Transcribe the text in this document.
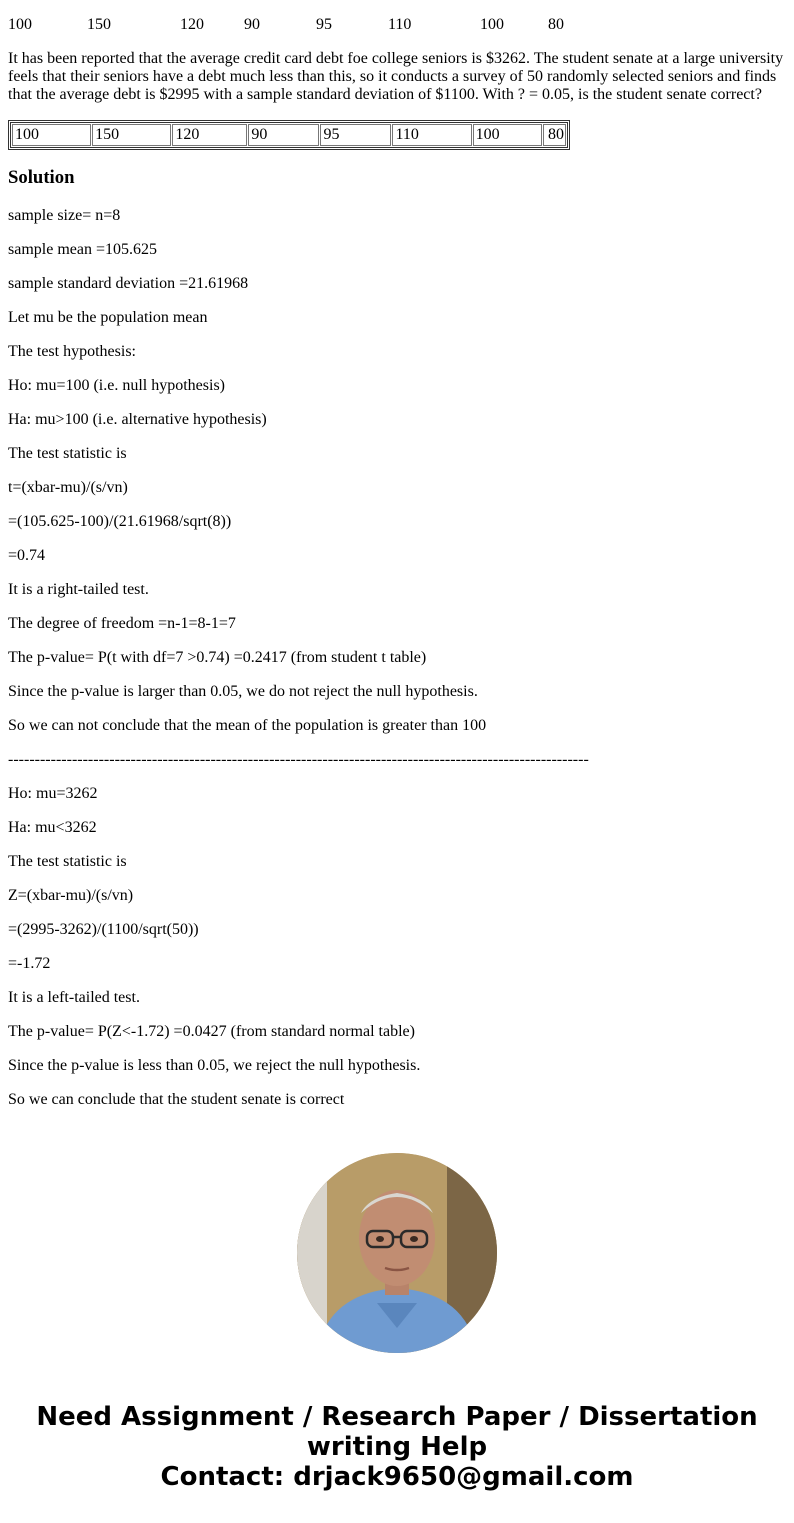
100	150	120	90	95	110	100	80

It has been reported that the average credit card debt foe college seniors is $3262. The student senate at a large university feels that their seniors have a debt much less than this, so it conducts a survey of 50 randomly selected seniors and finds that the average debt is $2995 with a sample standard deviation of $1100. With ? = 0.05, is the student senate correct?

100	150	120	90	95	110	100	80
Solution

sample size= n=8

sample mean =105.625

sample standard deviation =21.61968

Let mu be the population mean

The test hypothesis:

Ho: mu=100 (i.e. null hypothesis)

Ha: mu>100 (i.e. alternative hypothesis)

The test statistic is

t=(xbar-mu)/(s/vn)

=(105.625-100)/(21.61968/sqrt(8))

=0.74

It is a right-tailed test.

The degree of freedom =n-1=8-1=7

The p-value= P(t with df=7 >0.74) =0.2417 (from student t table)

Since the p-value is larger than 0.05, we do not reject the null hypothesis.

So we can not conclude that the mean of the population is greater than 100

-------------------------------------------------------------------------------------------------------------

Ho: mu=3262

Ha: mu<3262

The test statistic is

Z=(xbar-mu)/(s/vn)

=(2995-3262)/(1100/sqrt(50))

=-1.72

It is a left-tailed test.

The p-value= P(Z<-1.72) =0.0427 (from standard normal table)

Since the p-value is less than 0.05, we reject the null hypothesis.

So we can conclude that the student senate is correct

Need Assignment / Research Paper / Dissertation
writing Help
Contact: drjack9650@gmail.com
